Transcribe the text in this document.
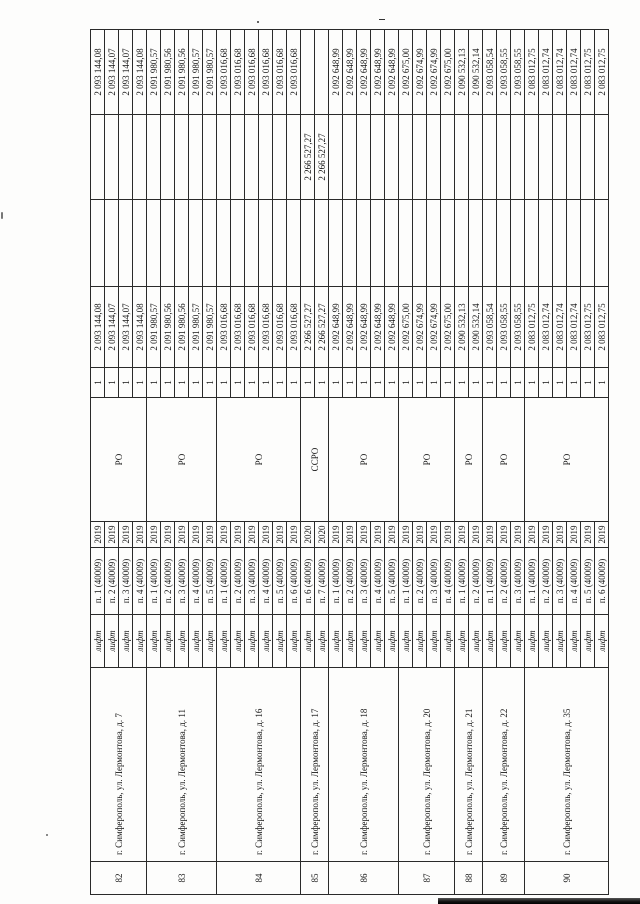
82	г. Симферополь, ул. Лермонтова, д. 7	лифт	п. 1 (40009)	2019	РО	1	2 093 144,08			2 093 144,08
		лифт	п. 2 (40009)	2019		1	2 093 144,07			2 093 144,07
		лифт	п. 3 (40009)	2019		1	2 093 144,07			2 093 144,07
		лифт	п. 4 (40009)	2019		1	2 093 144,08			2 093 144,08
83	г. Симферополь, ул. Лермонтова, д. 11	лифт	п. 1 (40009)	2019	РО	1	2 091 980,57			2 091 980,57
		лифт	п. 2 (40009)	2019		1	2 091 980,56			2 091 980,56
		лифт	п. 3 (40009)	2019		1	2 091 980,56			2 091 980,56
		лифт	п. 4 (40009)	2019		1	2 091 980,57			2 091 980,57
		лифт	п. 5 (40009)	2019		1	2 091 980,57			2 091 980,57
84	г. Симферополь, ул. Лермонтова, д. 16	лифт	п. 1 (40009)	2019	РО	1	2 093 016,68			2 093 016,68
		лифт	п. 2 (40009)	2019		1	2 093 016,68			2 093 016,68
		лифт	п. 3 (40009)	2019		1	2 093 016,68			2 093 016,68
		лифт	п. 4 (40009)	2019		1	2 093 016,68			2 093 016,68
		лифт	п. 5 (40009)	2019		1	2 093 016,68			2 093 016,68
		лифт	п. 6 (40009)	2019		1	2 093 016,68			2 093 016,68
85	г. Симферополь, ул. Лермонтова, д. 17	лифт	п. 6 (40009)	2020	ССРО	1	2 266 527,27		2 266 527,27	
		лифт	п. 7 (40009)	2020		1	2 266 527,27		2 266 527,27	
86	г. Симферополь, ул. Лермонтова, д. 18	лифт	п. 1 (40009)	2019	РО	1	2 092 648,99			2 092 648,99
		лифт	п. 2 (40009)	2019		1	2 092 648,99			2 092 648,99
		лифт	п. 3 (40009)	2019		1	2 092 648,99			2 092 648,99
		лифт	п. 4 (40009)	2019		1	2 092 648,99			2 092 648,99
		лифт	п. 5 (40009)	2019		1	2 092 648,99			2 092 648,99
87	г. Симферополь, ул. Лермонтова, д. 20	лифт	п. 1 (40009)	2019	РО	1	2 092 675,00			2 092 675,00
		лифт	п. 2 (40009)	2019		1	2 092 674,99			2 092 674,99
		лифт	п. 3 (40009)	2019		1	2 092 674,99			2 092 674,99
		лифт	п. 4 (40009)	2019		1	2 092 675,00			2 092 675,00
88	г. Симферополь, ул. Лермонтова, д. 21	лифт	п. 1 (40009)	2019	РО	1	2 090 532,13			2 090 532,13
		лифт	п. 2 (40009)	2019		1	2 090 532,14			2 090 532,14
89	г. Симферополь, ул. Лермонтова, д. 22	лифт	п. 1 (40009)	2019	РО	1	2 093 058,54			2 093 058,54
		лифт	п. 2 (40009)	2019		1	2 093 058,55			2 093 058,55
		лифт	п. 3 (40009)	2019		1	2 093 058,55			2 093 058,55
90	г. Симферополь, ул. Лермонтова, д. 35	лифт	п. 1 (40009)	2019	РО	1	2 083 012,75			2 083 012,75
		лифт	п. 2 (40009)	2019		1	2 083 012,74			2 083 012,74
		лифт	п. 3 (40009)	2019		1	2 083 012,74			2 083 012,74
		лифт	п. 4 (40009)	2019		1	2 083 012,74			2 083 012,74
		лифт	п. 5 (40009)	2019		1	2 083 012,75			2 083 012,75
		лифт	п. 6 (40009)	2019		1	2 083 012,75			2 083 012,75
